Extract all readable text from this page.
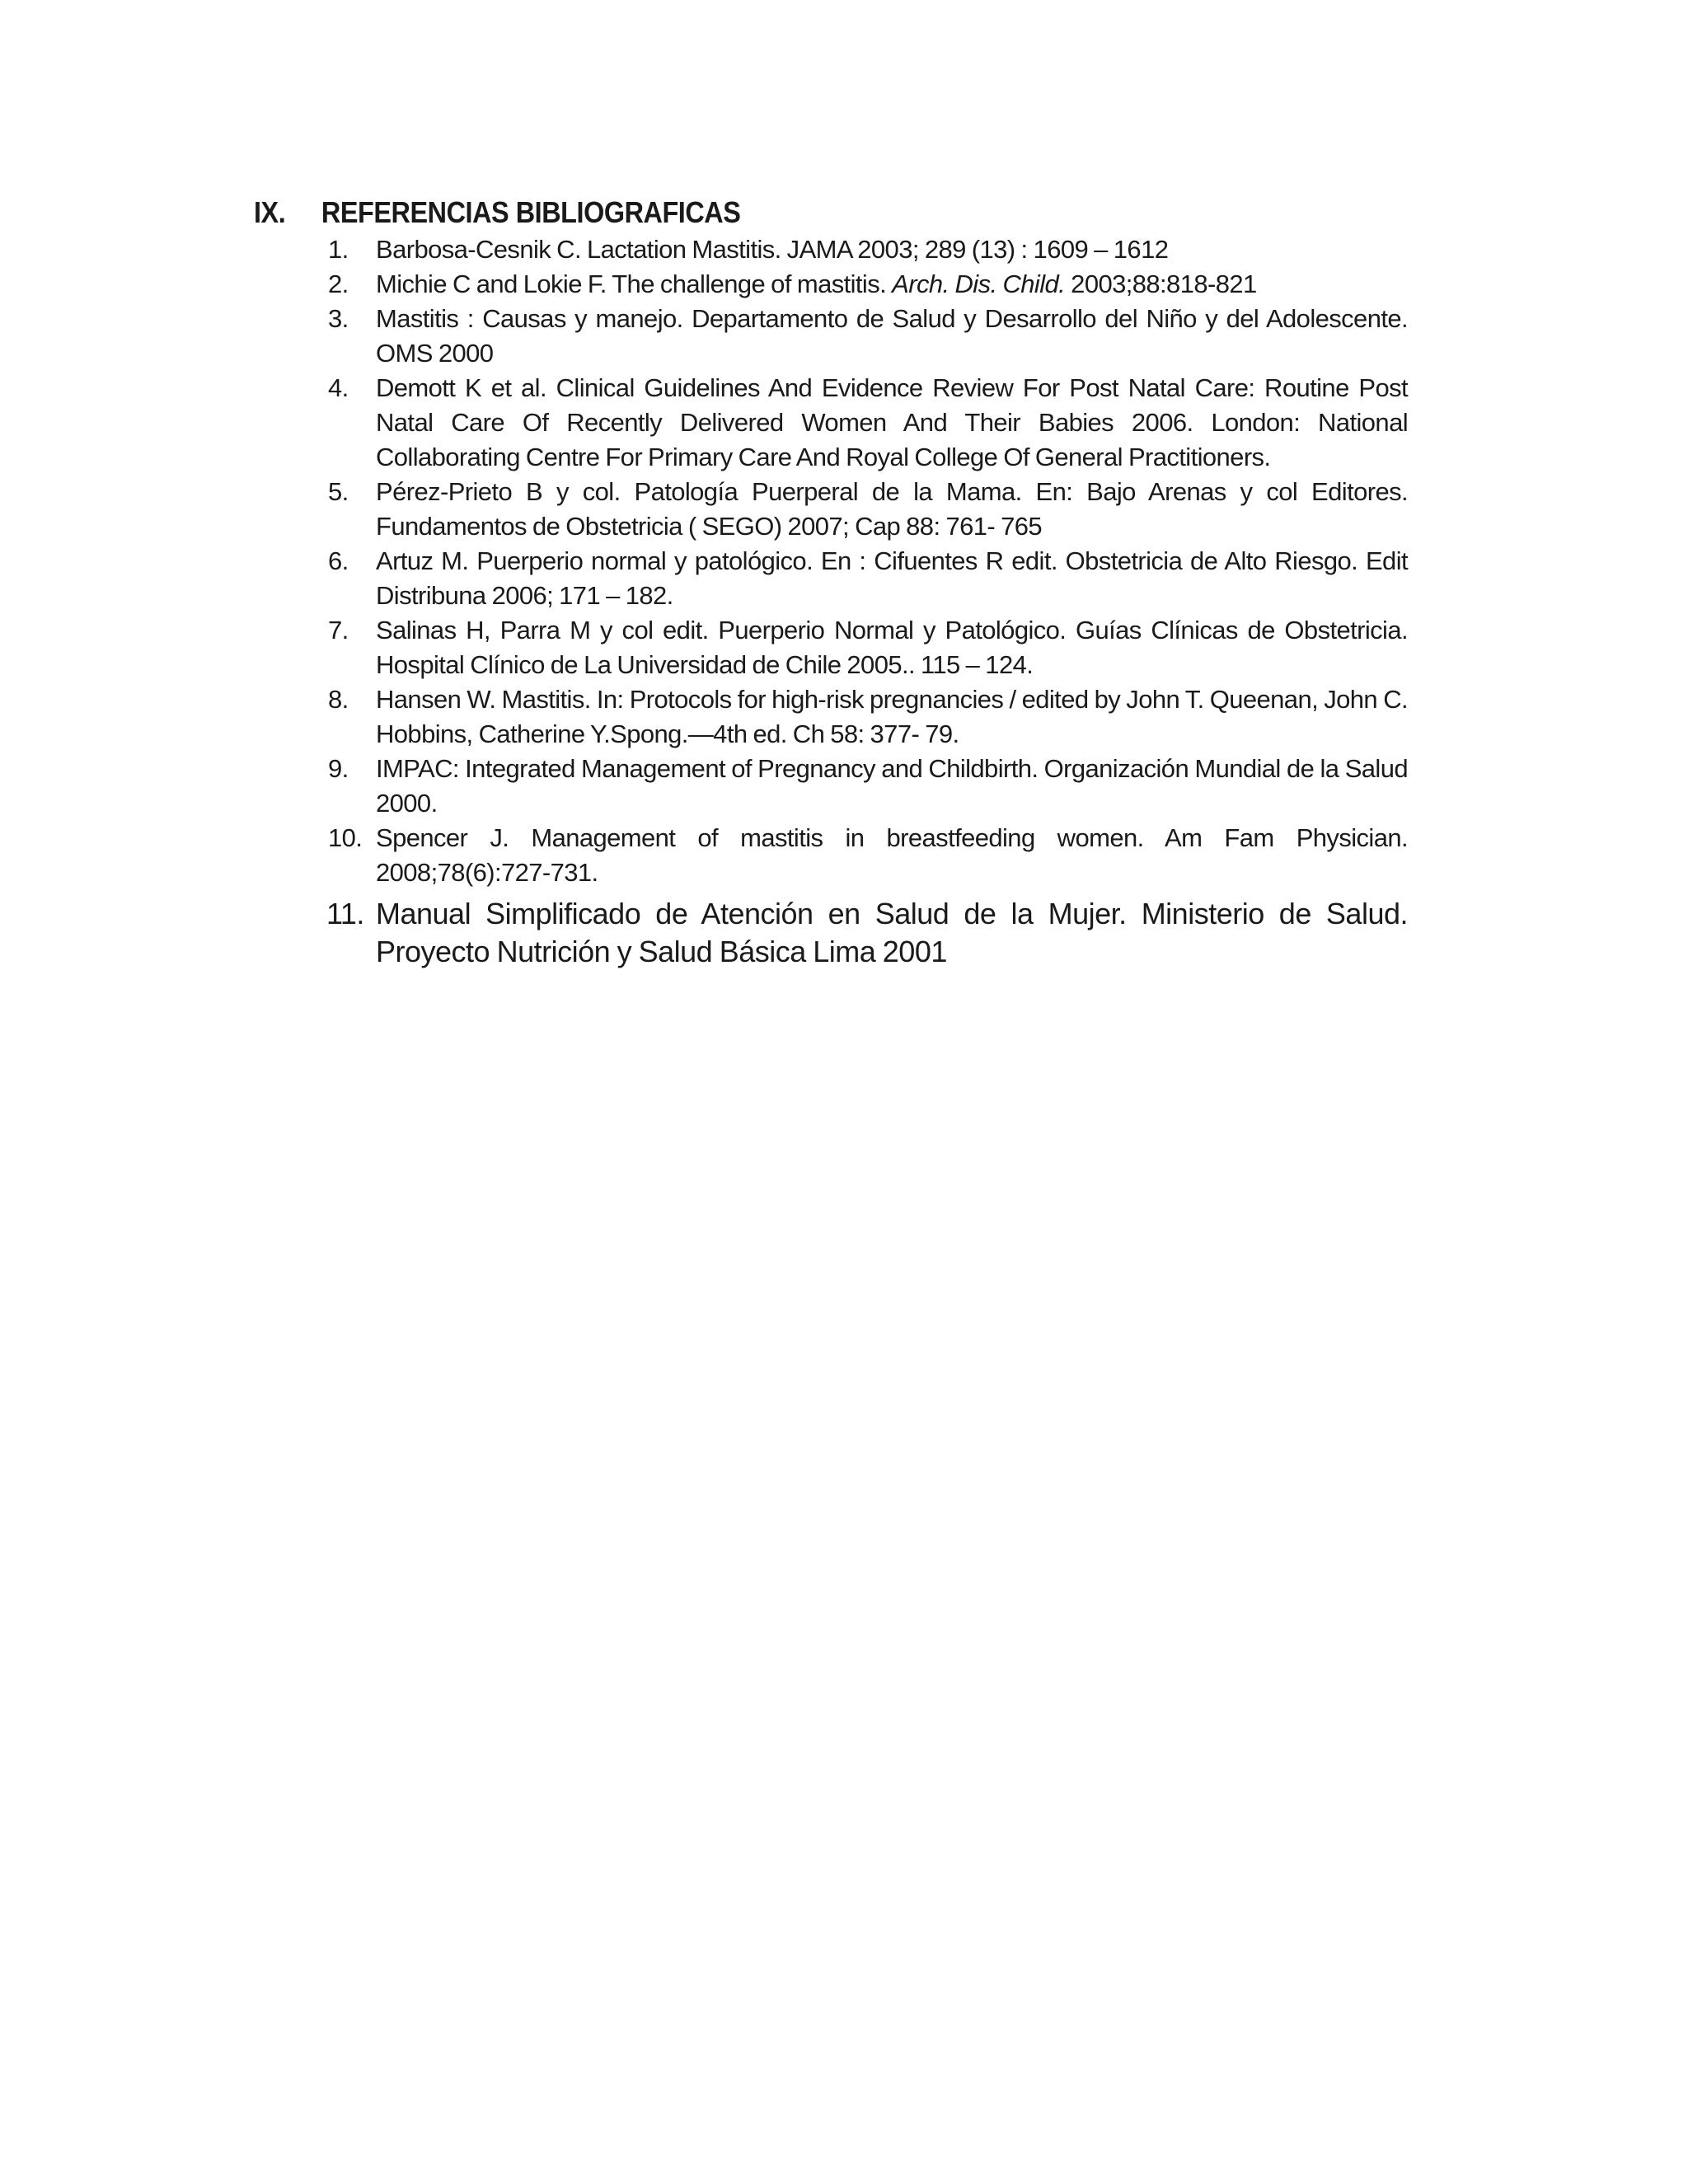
IX. REFERENCIAS BIBLIOGRAFICAS
1. Barbosa-Cesnik C. Lactation Mastitis. JAMA 2003; 289 (13) : 1609 – 1612
2. Michie C and Lokie F. The challenge of mastitis. Arch. Dis. Child. 2003;88:818-821
3. Mastitis : Causas y manejo. Departamento de Salud y Desarrollo del Niño y del Adolescente. OMS 2000
4. Demott K et al. Clinical Guidelines And Evidence Review For Post Natal Care: Routine Post Natal Care Of Recently Delivered Women And Their Babies 2006. London: National Collaborating Centre For Primary Care And Royal College Of General Practitioners.
5. Pérez-Prieto B y col. Patología Puerperal de la Mama. En: Bajo Arenas y col Editores. Fundamentos de Obstetricia ( SEGO) 2007; Cap 88: 761- 765
6. Artuz M. Puerperio normal y patológico. En : Cifuentes R edit. Obstetricia de Alto Riesgo. Edit Distribuna 2006; 171 – 182.
7. Salinas H, Parra M y col edit. Puerperio Normal y Patológico. Guías Clínicas de Obstetricia. Hospital Clínico de La Universidad de Chile 2005.. 115 – 124.
8. Hansen W. Mastitis. In: Protocols for high-risk pregnancies / edited by John T. Queenan, John C. Hobbins, Catherine Y.Spong.—4th ed. Ch 58: 377- 79.
9. IMPAC: Integrated Management of Pregnancy and Childbirth. Organización Mundial de la Salud 2000.
10. Spencer J. Management of mastitis in breastfeeding women. Am Fam Physician. 2008;78(6):727-731.
11. Manual Simplificado de Atención en Salud de la Mujer. Ministerio de Salud. Proyecto Nutrición y Salud Básica Lima 2001
